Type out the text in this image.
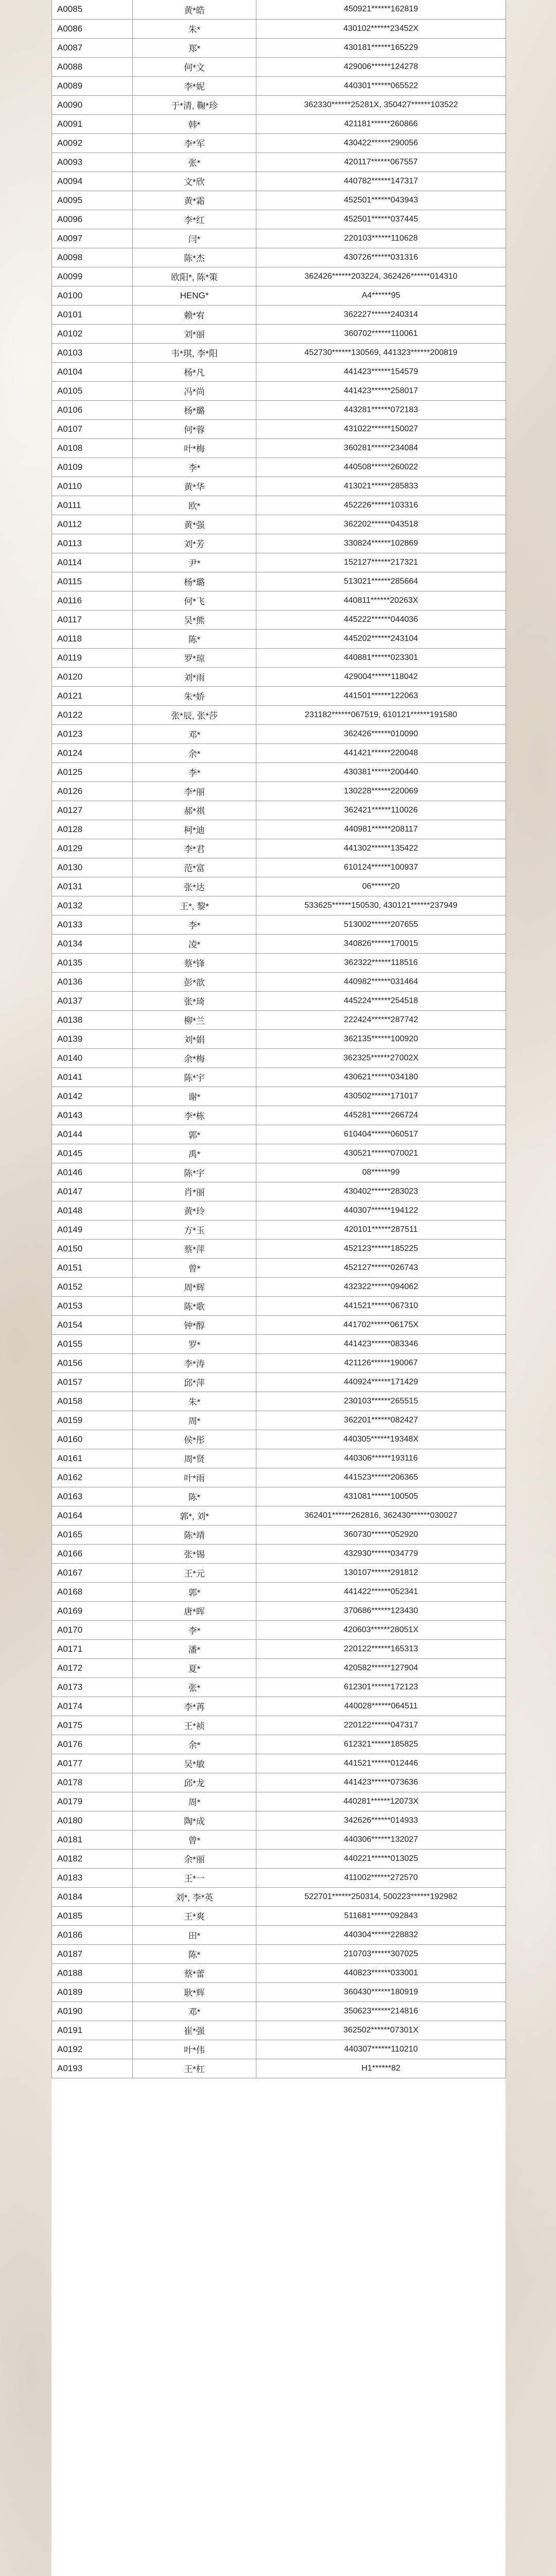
A0085	黄*皓	450921******162819
A0086	朱*	430102******23452X
A0087	郑*	430181******165229
A0088	何*文	429006******124278
A0089	李*妮	440301******065522
A0090	于*清, 鞠*珍	362330******25281X, 350427******103522
A0091	韩*	421181******260866
A0092	李*军	430422******290056
A0093	张*	420117******067557
A0094	文*欣	440782******147317
A0095	黄*霜	452501******043943
A0096	李*红	452501******037445
A0097	闫*	220103******110628
A0098	陈*杰	430726******031316
A0099	欧阳*, 陈*策	362426******203224, 362426******014310
A0100	HENG*	A4******95
A0101	赖*宥	362227******240314
A0102	刘*丽	360702******110061
A0103	韦*琪, 李*阳	452730******130569, 441323******200819
A0104	杨*凡	441423******154579
A0105	冯*尚	441423******258017
A0106	杨*璐	443281******072183
A0107	何*蓉	431022******150027
A0108	叶*梅	360281******234084
A0109	李*	440508******260022
A0110	黄*华	413021******285833
A0111	欧*	452226******103316
A0112	黄*强	362202******043518
A0113	刘*芳	330824******102869
A0114	尹*	152127******217321
A0115	杨*璐	513021******285664
A0116	何*飞	440811******20263X
A0117	吴*熊	445222******044036
A0118	陈*	445202******243104
A0119	罗*琼	440881******023301
A0120	刘*雨	429004******118042
A0121	朱*娇	441501******122063
A0122	张*辰, 张*莎	231182******067519, 610121******191580
A0123	邓*	362426******010090
A0124	余*	441421******220048
A0125	李*	430381******200440
A0126	李*丽	130228******220069
A0127	郝*祺	362421******110026
A0128	柯*迪	440981******208117
A0129	李*君	441302******135422
A0130	范*富	610124******100937
A0131	张*达	06******20
A0132	王*, 黎*	533625******150530, 430121******237949
A0133	李*	513002******207655
A0134	凌*	340826******170015
A0135	蔡*锋	362322******118516
A0136	彭*歆	440982******031464
A0137	张*琦	445224******254518
A0138	柳*兰	222424******287742
A0139	刘*娟	362135******100920
A0140	余*梅	362325******27002X
A0141	陈*宇	430621******034180
A0142	谢*	430502******171017
A0143	李*栋	445281******266724
A0144	郭*	610404******060517
A0145	禹*	430521******070021
A0146	陈*宇	08******99
A0147	肖*丽	430402******283023
A0148	黄*玲	440307******194122
A0149	方*玉	420101******287511
A0150	蔡*萍	452123******185225
A0151	曾*	452127******026743
A0152	周*辉	432322******094062
A0153	陈*歌	441521******067310
A0154	钟*醇	441702******06175X
A0155	罗*	441423******083346
A0156	李*涛	421126******190067
A0157	邱*萍	440924******171429
A0158	朱*	230103******265515
A0159	周*	362201******082427
A0160	侯*彤	440305******19348X
A0161	周*贤	440306******193116
A0162	叶*雨	441523******206365
A0163	陈*	431081******100505
A0164	郭*, 刘*	362401******262816, 362430******030027
A0165	陈*靖	360730******052920
A0166	张*锡	432930******034779
A0167	王*元	130107******291812
A0168	郭*	441422******052341
A0169	唐*晖	370686******123430
A0170	李*	420603******28051X
A0171	潘*	220122******165313
A0172	夏*	420582******127904
A0173	张*	612301******172123
A0174	李*苒	440028******064511
A0175	王*祯	220122******047317
A0176	余*	612321******185825
A0177	吴*敏	441521******012446
A0178	邱*龙	441423******073636
A0179	周*	440281******12073X
A0180	陶*成	342626******014933
A0181	曾*	440306******132027
A0182	余*丽	440221******013025
A0183	王*一	411002******272570
A0184	刘*, 李*英	522701******250314, 500223******192982
A0185	王*爽	511681******092843
A0186	田*	440304******228832
A0187	陈*	210703******307025
A0188	蔡*蕾	440823******033001
A0189	耿*辉	360430******180919
A0190	邓*	350623******214816
A0191	崔*强	362502******07301X
A0192	叶*伟	440307******110210
A0193	王*杠	H1******82
